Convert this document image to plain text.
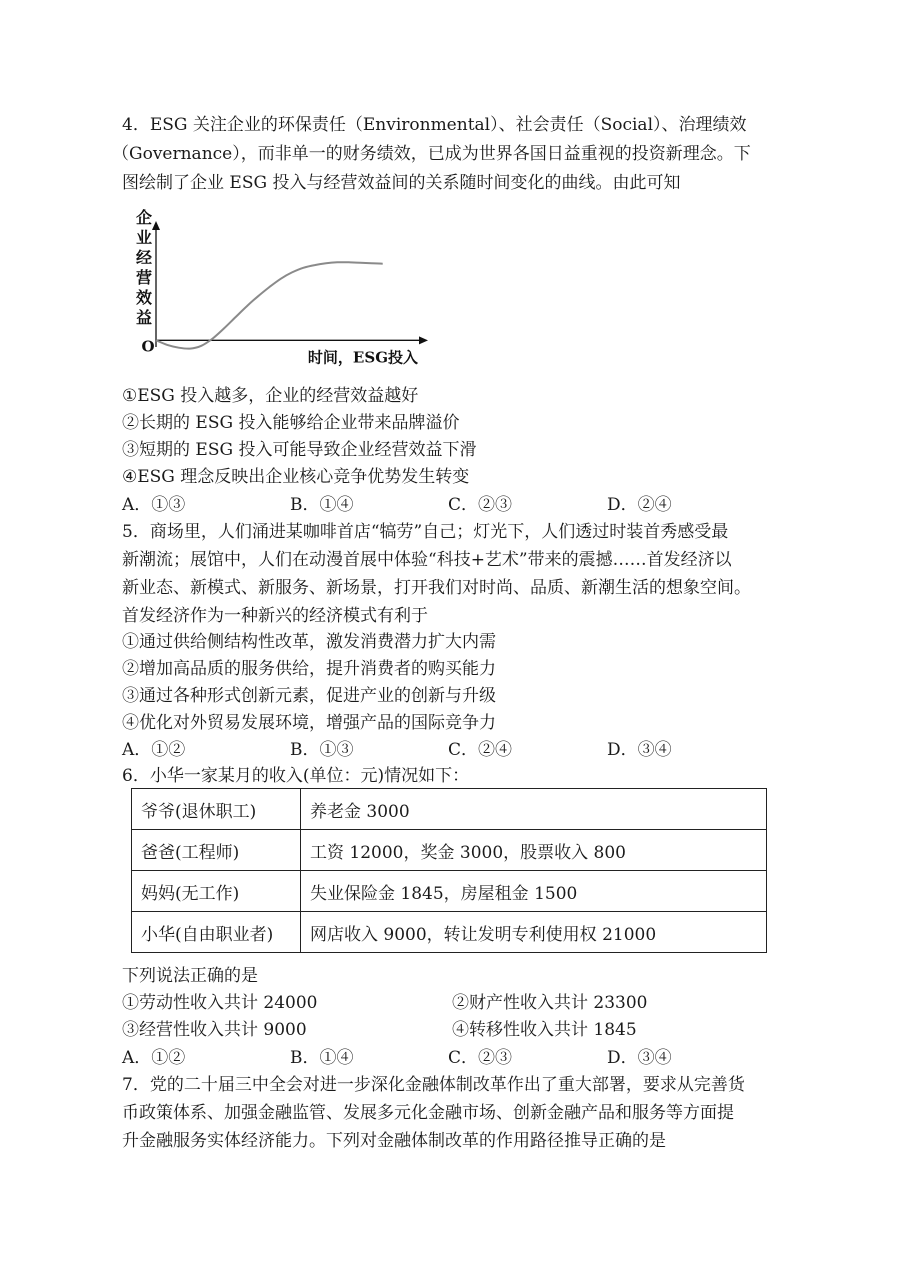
4．ESG 关注企业的环保责任（Environmental）、社会责任（Social）、治理绩效
（Governance），而非单一的财务绩效，已成为世界各国日益重视的投资新理念。下
图绘制了企业 ESG 投入与经营效益间的关系随时间变化的曲线。由此可知
企
业
经
营
效
益
O
时间，ESG投入
①ESG 投入越多，企业的经营效益越好
②长期的 ESG 投入能够给企业带来品牌溢价
③短期的 ESG 投入可能导致企业经营效益下滑
④ESG 理念反映出企业核心竞争优势发生转变
A．①③	B．①④	C．②③	D．②④
5．商场里，人们涌进某咖啡首店“犒劳”自己；灯光下，人们透过时装首秀感受最
新潮流；展馆中，人们在动漫首展中体验“科技+艺术”带来的震撼……首发经济以
新业态、新模式、新服务、新场景，打开我们对时尚、品质、新潮生活的想象空间。
首发经济作为一种新兴的经济模式有利于
①通过供给侧结构性改革，激发消费潜力扩大内需
②增加高品质的服务供给，提升消费者的购买能力
③通过各种形式创新元素，促进产业的创新与升级
④优化对外贸易发展环境，增强产品的国际竞争力
A．①②	B．①③	C．②④	D．③④
6．小华一家某月的收入(单位：元)情况如下：
爷爷(退休职工)	养老金 3000
爸爸(工程师)	工资 12000，奖金 3000，股票收入 800
妈妈(无工作)	失业保险金 1845，房屋租金 1500
小华(自由职业者)	网店收入 9000，转让发明专利使用权 21000
下列说法正确的是
①劳动性收入共计 24000	②财产性收入共计 23300
③经营性收入共计 9000	④转移性收入共计 1845
A．①②	B．①④	C．②③	D．③④
7．党的二十届三中全会对进一步深化金融体制改革作出了重大部署，要求从完善货
币政策体系、加强金融监管、发展多元化金融市场、创新金融产品和服务等方面提
升金融服务实体经济能力。下列对金融体制改革的作用路径推导正确的是
